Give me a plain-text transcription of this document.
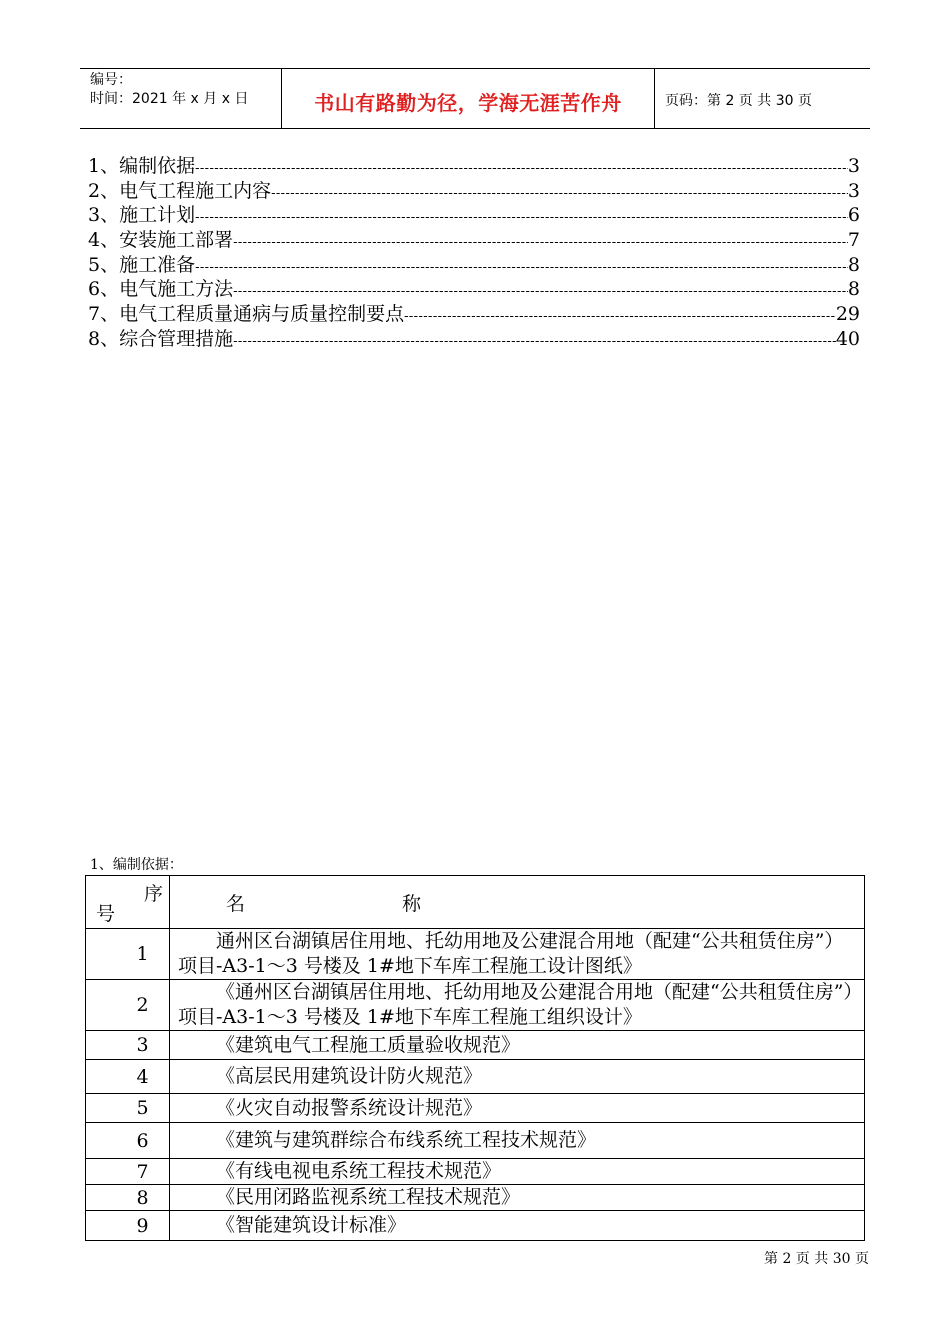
编号：
时间：2021 年 x 月 x 日	书山有路勤为径，学海无涯苦作舟	页码：第 2 页 共 30 页
1、编制依据 -----	3
2、电气工程施工内容 -----	3
3、施工计划 -----	6
4、安装施工部署 -----	7
5、施工准备 -----	8
6、电气施工方法 -----	8
7、电气工程质量通病与质量控制要点 -----	29
8、综合管理措施 -----	40
1、编制依据：
序
号	名 称

1	通州区台湖镇居住用地、托幼用地及公建混合用地（配建“公共租赁住房”）项目-A3-1～3 号楼及 1#地下车库工程施工设计图纸》
2	《通州区台湖镇居住用地、托幼用地及公建混合用地（配建“公共租赁住房”）项目-A3-1～3 号楼及 1#地下车库工程施工组织设计》
3	《建筑电气工程施工质量验收规范》
4	《高层民用建筑设计防火规范》
5	《火灾自动报警系统设计规范》
6	《建筑与建筑群综合布线系统工程技术规范》
7	《有线电视电系统工程技术规范》
8	《民用闭路监视系统工程技术规范》
9	《智能建筑设计标准》
第 2 页 共 30 页
